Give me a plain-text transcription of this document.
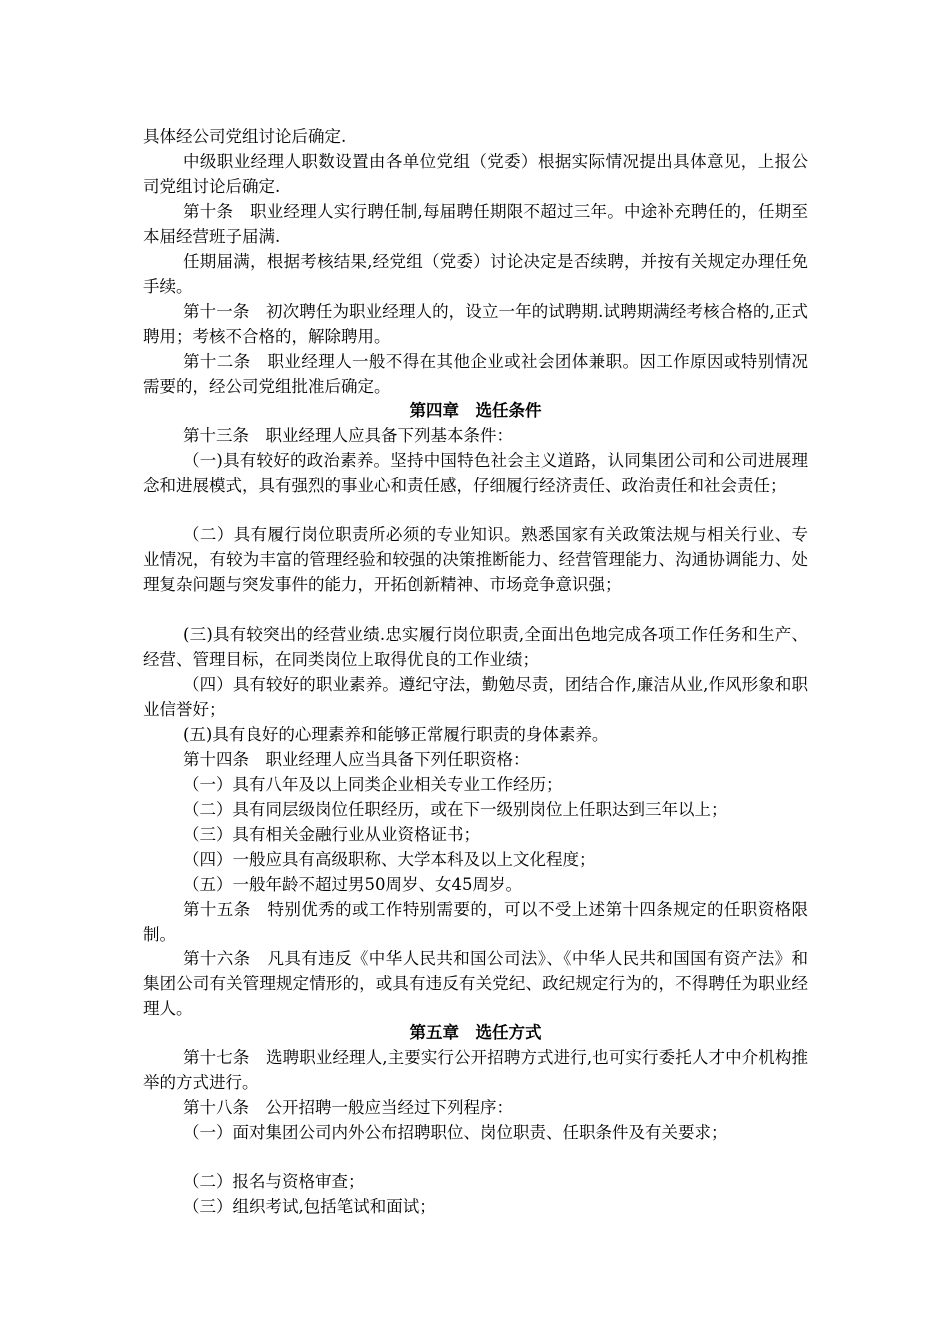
具体经公司党组讨论后确定.

中级职业经理人职数设置由各单位党组（党委）根据实际情况提出具体意见，上报公司党组讨论后确定.

第十条　职业经理人实行聘任制,每届聘任期限不超过三年。中途补充聘任的，任期至本届经营班子届满.

任期届满，根据考核结果,经党组（党委）讨论决定是否续聘，并按有关规定办理任免手续。

第十一条　初次聘任为职业经理人的，设立一年的试聘期.试聘期满经考核合格的,正式聘用；考核不合格的，解除聘用。

第十二条　职业经理人一般不得在其他企业或社会团体兼职。因工作原因或特别情况需要的，经公司党组批准后确定。

第四章　选任条件

第十三条　职业经理人应具备下列基本条件：

（一)具有较好的政治素养。坚持中国特色社会主义道路，认同集团公司和公司进展理念和进展模式，具有强烈的事业心和责任感，仔细履行经济责任、政治责任和社会责任；

（二）具有履行岗位职责所必须的专业知识。熟悉国家有关政策法规与相关行业、专业情况，有较为丰富的管理经验和较强的决策推断能力、经营管理能力、沟通协调能力、处理复杂问题与突发事件的能力，开拓创新精神、市场竞争意识强；

(三)具有较突出的经营业绩.忠实履行岗位职责,全面出色地完成各项工作任务和生产、经营、管理目标，在同类岗位上取得优良的工作业绩；

（四）具有较好的职业素养。遵纪守法，勤勉尽责，团结合作,廉洁从业,作风形象和职业信誉好；

(五)具有良好的心理素养和能够正常履行职责的身体素养。

第十四条　职业经理人应当具备下列任职资格：

（一）具有八年及以上同类企业相关专业工作经历；

（二）具有同层级岗位任职经历，或在下一级别岗位上任职达到三年以上；

（三）具有相关金融行业从业资格证书；

（四）一般应具有高级职称、大学本科及以上文化程度；

（五）一般年龄不超过男50周岁、女45周岁。

第十五条　特别优秀的或工作特别需要的，可以不受上述第十四条规定的任职资格限制。

第十六条　凡具有违反《中华人民共和国公司法》、《中华人民共和国国有资产法》和集团公司有关管理规定情形的，或具有违反有关党纪、政纪规定行为的，不得聘任为职业经理人。

第五章　选任方式

第十七条　选聘职业经理人,主要实行公开招聘方式进行,也可实行委托人才中介机构推举的方式进行。

第十八条　公开招聘一般应当经过下列程序：

（一）面对集团公司内外公布招聘职位、岗位职责、任职条件及有关要求；

（二）报名与资格审查；

（三）组织考试,包括笔试和面试；
